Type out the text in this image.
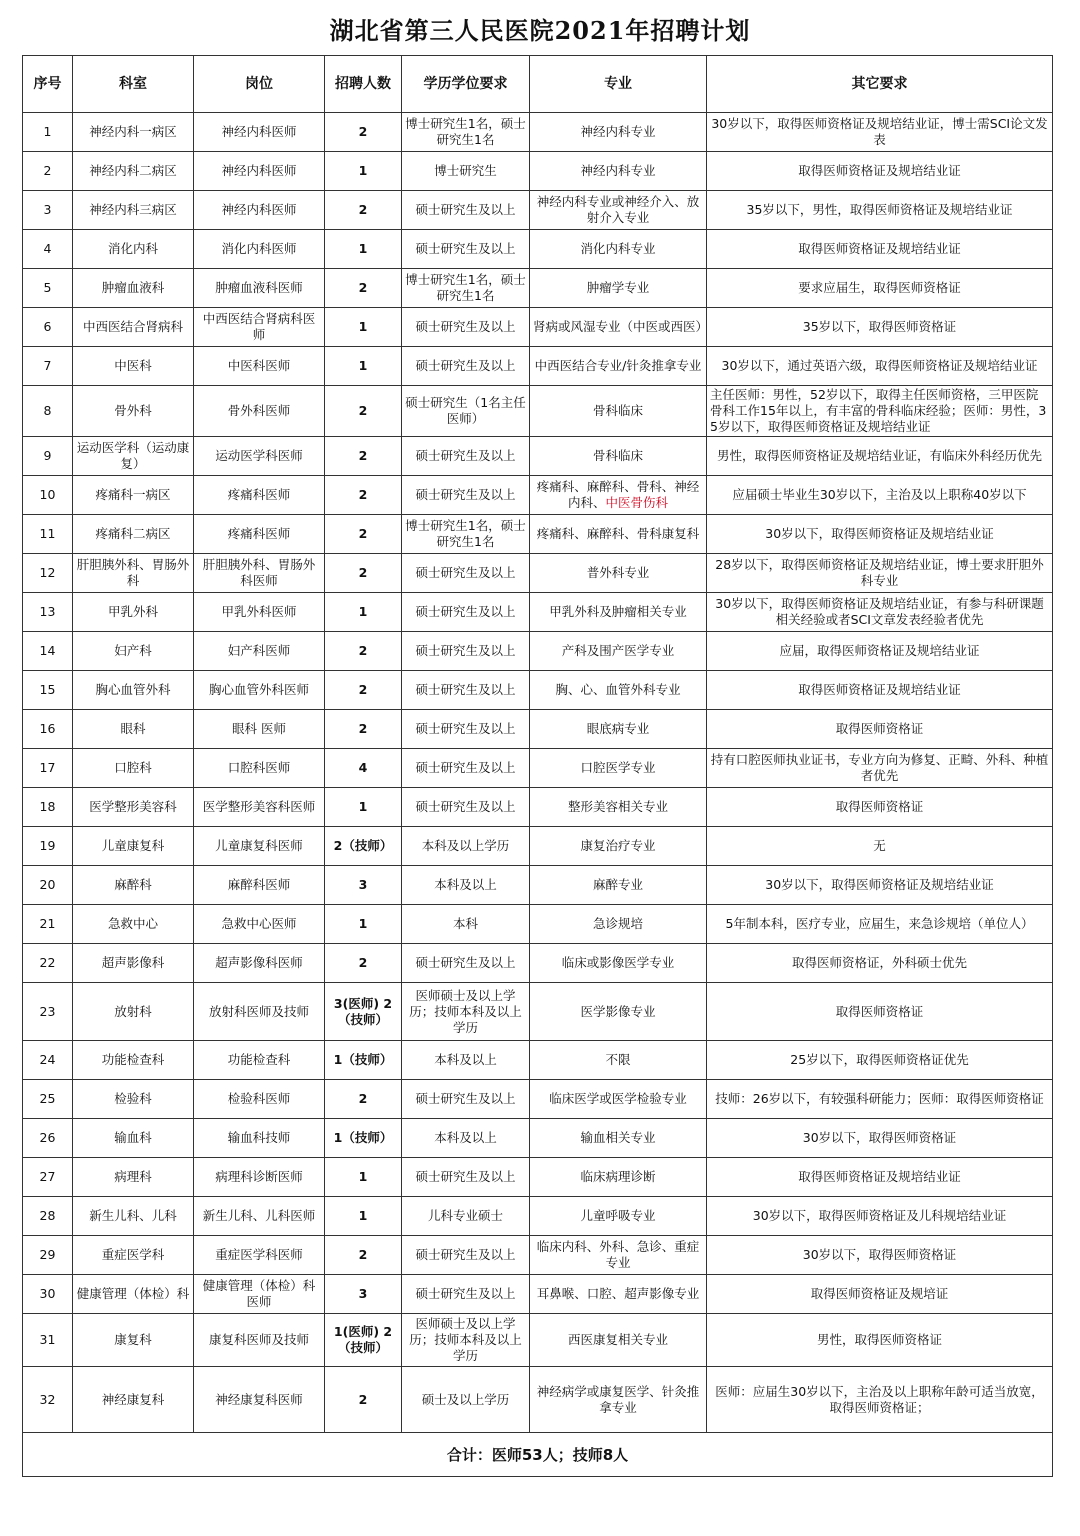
湖北省第三人民医院2021年招聘计划
序号	科室	岗位	招聘人数	学历学位要求	专业	其它要求
1	神经内科一病区	神经内科医师	2	博士研究生1名，硕士研究生1名	神经内科专业	30岁以下，取得医师资格证及规培结业证，博士需SCI论文发表
2	神经内科二病区	神经内科医师	1	博士研究生	神经内科专业	取得医师资格证及规培结业证
3	神经内科三病区	神经内科医师	2	硕士研究生及以上	神经内科专业或神经介入、放射介入专业	35岁以下，男性，取得医师资格证及规培结业证
4	消化内科	消化内科医师	1	硕士研究生及以上	消化内科专业	取得医师资格证及规培结业证
5	肿瘤血液科	肿瘤血液科医师	2	博士研究生1名，硕士研究生1名	肿瘤学专业	要求应届生，取得医师资格证
6	中西医结合肾病科	中西医结合肾病科医师	1	硕士研究生及以上	肾病或风湿专业（中医或西医）	35岁以下，取得医师资格证
7	中医科	中医科医师	1	硕士研究生及以上	中西医结合专业/针灸推拿专业	30岁以下，通过英语六级，取得医师资格证及规培结业证
8	骨外科	骨外科医师	2	硕士研究生（1名主任医师）	骨科临床	主任医师：男性，52岁以下，取得主任医师资格，三甲医院骨科工作15年以上，有丰富的骨科临床经验；医师：男性，35岁以下，取得医师资格证及规培结业证
9	运动医学科（运动康复）	运动医学科医师	2	硕士研究生及以上	骨科临床	男性，取得医师资格证及规培结业证，有临床外科经历优先
10	疼痛科一病区	疼痛科医师	2	硕士研究生及以上	疼痛科、麻醉科、骨科、神经内科、中医骨伤科	应届硕士毕业生30岁以下，主治及以上职称40岁以下
11	疼痛科二病区	疼痛科医师	2	博士研究生1名，硕士研究生1名	疼痛科、麻醉科、骨科康复科	30岁以下，取得医师资格证及规培结业证
12	肝胆胰外科、胃肠外科	肝胆胰外科、胃肠外科医师	2	硕士研究生及以上	普外科专业	28岁以下，取得医师资格证及规培结业证，博士要求肝胆外科专业
13	甲乳外科	甲乳外科医师	1	硕士研究生及以上	甲乳外科及肿瘤相关专业	30岁以下，取得医师资格证及规培结业证，有参与科研课题相关经验或者SCI文章发表经验者优先
14	妇产科	妇产科医师	2	硕士研究生及以上	产科及围产医学专业	应届，取得医师资格证及规培结业证
15	胸心血管外科	胸心血管外科医师	2	硕士研究生及以上	胸、心、血管外科专业	取得医师资格证及规培结业证
16	眼科	眼科 医师	2	硕士研究生及以上	眼底病专业	取得医师资格证
17	口腔科	口腔科医师	4	硕士研究生及以上	口腔医学专业	持有口腔医师执业证书，专业方向为修复、正畸、外科、种植者优先
18	医学整形美容科	医学整形美容科医师	1	硕士研究生及以上	整形美容相关专业	取得医师资格证
19	儿童康复科	儿童康复科医师	2（技师）	本科及以上学历	康复治疗专业	无
20	麻醉科	麻醉科医师	3	本科及以上	麻醉专业	30岁以下，取得医师资格证及规培结业证
21	急救中心	急救中心医师	1	本科	急诊规培	5年制本科，医疗专业，应届生，来急诊规培（单位人）
22	超声影像科	超声影像科医师	2	硕士研究生及以上	临床或影像医学专业	取得医师资格证，外科硕士优先
23	放射科	放射科医师及技师	3(医师) 2（技师）	医师硕士及以上学历；技师本科及以上学历	医学影像专业	取得医师资格证
24	功能检查科	功能检查科	1（技师）	本科及以上	不限	25岁以下，取得医师资格证优先
25	检验科	检验科医师	2	硕士研究生及以上	临床医学或医学检验专业	技师：26岁以下，有较强科研能力；医师：取得医师资格证
26	输血科	输血科技师	1（技师）	本科及以上	输血相关专业	30岁以下，取得医师资格证
27	病理科	病理科诊断医师	1	硕士研究生及以上	临床病理诊断	取得医师资格证及规培结业证
28	新生儿科、儿科	新生儿科、儿科医师	1	儿科专业硕士	儿童呼吸专业	30岁以下，取得医师资格证及儿科规培结业证
29	重症医学科	重症医学科医师	2	硕士研究生及以上	临床内科、外科、急诊、重症专业	30岁以下，取得医师资格证
30	健康管理（体检）科	健康管理（体检）科医师	3	硕士研究生及以上	耳鼻喉、口腔、超声影像专业	取得医师资格证及规培证
31	康复科	康复科医师及技师	1(医师) 2（技师）	医师硕士及以上学历；技师本科及以上学历	西医康复相关专业	男性，取得医师资格证
32	神经康复科	神经康复科医师	2	硕士及以上学历	神经病学或康复医学、针灸推拿专业	医师：应届生30岁以下，主治及以上职称年龄可适当放宽，取得医师资格证；
合计：医师53人；技师8人						
